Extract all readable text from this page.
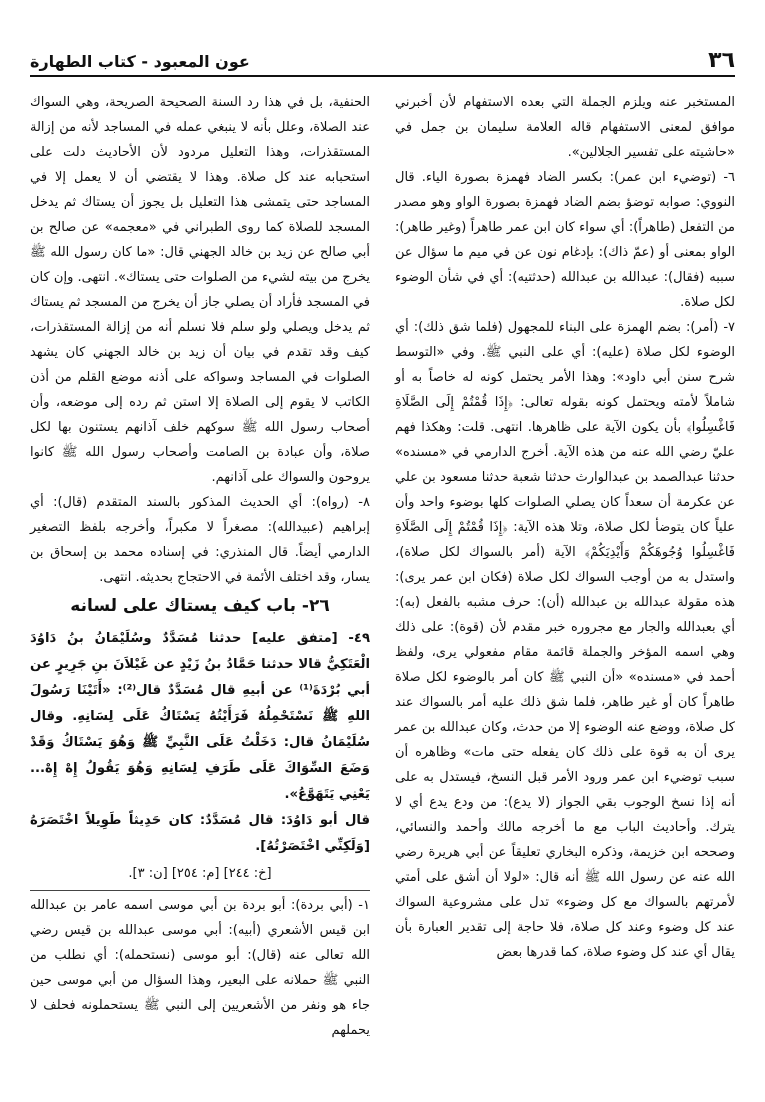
٣٦
عون المعبود - كتاب الطهارة

المستخبر عنه ويلزم الجملة التي بعده الاستفهام لأن أخبرني موافق لمعنى الاستفهام قاله العلامة سليمان بن جمل في «حاشيته على تفسير الجلالين».

٦- (توضيء ابن عمر): بكسر الضاد فهمزة بصورة الياء. قال النووي: صوابه توضؤ بضم الضاد فهمزة بصورة الواو وهو مصدر من التفعل (طاهراً): أي سواء كان ابن عمر طاهراً (وغير طاهر): الواو بمعنى أو (عمّ ذاك): بإدغام نون عن في ميم ما سؤال عن سببه (فقال): عبدالله بن عبدالله (حدثتيه): أي في شأن الوضوء لكل صلاة.

٧- (أمر): بضم الهمزة على البناء للمجهول (فلما شق ذلك): أي الوضوء لكل صلاة (عليه): أي على النبي ﷺ. وفي «التوسط شرح سنن أبي داود»: وهذا الأمر يحتمل كونه له خاصاً به أو شاملاً لأمته ويحتمل كونه بقوله تعالى: ﴿إِذَا قُمْتُمْ إِلَى الصَّلَاةِ فَاغْسِلُوا﴾ بأن يكون الآية على ظاهرها. انتهى. قلت: وهكذا فهم عليّ رضي الله عنه من هذه الآية. أخرج الدارمي في «مسنده» حدثنا عبدالصمد بن عبدالوارث حدثنا شعبة حدثنا مسعود بن علي عن عكرمة أن سعداً كان يصلي الصلوات كلها بوضوء واحد وأن علياً كان يتوضأ لكل صلاة، وتلا هذه الآية: ﴿إِذَا قُمْتُمْ إِلَى الصَّلَاةِ فَاغْسِلُوا وُجُوهَكُمْ وَأَيْدِيَكُمْ﴾ الآية (أمر بالسواك لكل صلاة)، واستدل به من أوجب السواك لكل صلاة (فكان ابن عمر يرى): هذه مقولة عبدالله بن عبدالله (أن): حرف مشبه بالفعل (به): أي بعبدالله والجار مع مجروره خبر مقدم لأن (قوة): على ذلك وهي اسمه المؤخر والجملة قائمة مقام مفعولي يرى، ولفظ أحمد في «مسنده» «أن النبي ﷺ كان أمر بالوضوء لكل صلاة طاهراً كان أو غير طاهر، فلما شق ذلك عليه أمر بالسواك عند كل صلاة، ووضع عنه الوضوء إلا من حدث، وكان عبدالله بن عمر يرى أن به قوة على ذلك كان يفعله حتى مات» وظاهره أن سبب توضيء ابن عمر ورود الأمر قبل النسخ، فيستدل به على أنه إذا نسخ الوجوب بقي الجواز (لا يدع): من ودع يدع أي لا يترك. وأحاديث الباب مع ما أخرجه مالك وأحمد والنسائي، وصححه ابن خزيمة، وذكره البخاري تعليقاً عن أبي هريرة رضي الله عنه عن رسول الله ﷺ أنه قال: «لولا أن أشق على أمتي لأمرتهم بالسواك مع كل وضوء» تدل على مشروعية السواك عند كل وضوء وعند كل صلاة، فلا حاجة إلى تقدير العبارة بأن يقال أي عند كل وضوء صلاة، كما قدرها بعض

الحنفية، بل في هذا رد السنة الصحيحة الصريحة، وهي السواك عند الصلاة، وعلل بأنه لا ينبغي عمله في المساجد لأنه من إزالة المستقذرات، وهذا التعليل مردود لأن الأحاديث دلت على استحبابه عند كل صلاة. وهذا لا يقتضي أن لا يعمل إلا في المساجد حتى يتمشى هذا التعليل بل يجوز أن يستاك ثم يدخل المسجد للصلاة كما روى الطبراني في «معجمه» عن صالح بن أبي صالح عن زيد بن خالد الجهني قال: «ما كان رسول الله ﷺ يخرج من بيته لشيء من الصلوات حتى يستاك». انتهى. وإن كان في المسجد فأراد أن يصلي جاز أن يخرج من المسجد ثم يستاك ثم يدخل ويصلي ولو سلم فلا نسلم أنه من إزالة المستقذرات، كيف وقد تقدم في بيان أن زيد بن خالد الجهني كان يشهد الصلوات في المساجد وسواكه على أذنه موضع القلم من أذن الكاتب لا يقوم إلى الصلاة إلا استن ثم رده إلى موضعه، وأن أصحاب رسول الله ﷺ سوكهم خلف آذانهم يستنون بها لكل صلاة، وأن عبادة بن الصامت وأصحاب رسول الله ﷺ كانوا يروحون والسواك على آذانهم.

٨- (رواه): أي الحديث المذكور بالسند المتقدم (قال): أي إبراهيم (عبيدالله): مصغراً لا مكبراً، وأخرجه بلفظ التصغير الدارمي أيضاً. قال المنذري: في إسناده محمد بن إسحاق بن يسار، وقد اختلف الأئمة في الاحتجاج بحديثه. انتهى.

٢٦- باب كيف يستاك على لسانه

٤٩- [متفق عليه] حدثنا مُسَدَّدٌ وسُلَيْمَانُ بنُ دَاوُدَ الْعَتَكِيُّ قالا حدثنا حَمَّادُ بنُ زَيْدٍ عن غَيْلاَنَ بنِ جَرِيرٍ عن أبي بُرْدَةَ⁽¹⁾ عن أبيهِ قال مُسَدَّدٌ قال⁽²⁾: «أَتَيْنَا رَسُولَ اللهِ ﷺ نَسْتَحْمِلُهُ فَرَأَيْتُهُ يَسْتَاكُ عَلَى لِسَانِهِ. وقال سُلَيْمَانُ قال: دَخَلْتُ عَلَى النَّبِيِّ ﷺ وَهُوَ يَسْتَاكُ وَقَدْ وَضَعَ السِّوَاكَ عَلَى طَرَفِ لِسَانِهِ وَهُوَ يَقُولُ إِهْ إِهْ... يَعْنِي يَتَهَوَّعُ».

قال أبو دَاوُدَ: قال مُسَدَّدٌ: كان حَدِيثاً طَوِيلاً اخْتَصَرَهُ [وَلَكِنِّي اخْتَصَرْتُهُ].

[خ: ٢٤٤] [م: ٢٥٤] [ن: ٣].

١- (أبي بردة): أبو بردة بن أبي موسى اسمه عامر بن عبدالله ابن قيس الأشعري (أبيه): أبي موسى عبدالله بن قيس رضي الله تعالى عنه (قال): أبو موسى (نستحمله): أي نطلب من النبي ﷺ حملانه على البعير، وهذا السؤال من أبي موسى حين جاء هو ونفر من الأشعريين إلى النبي ﷺ يستحملونه فحلف لا يحملهم
